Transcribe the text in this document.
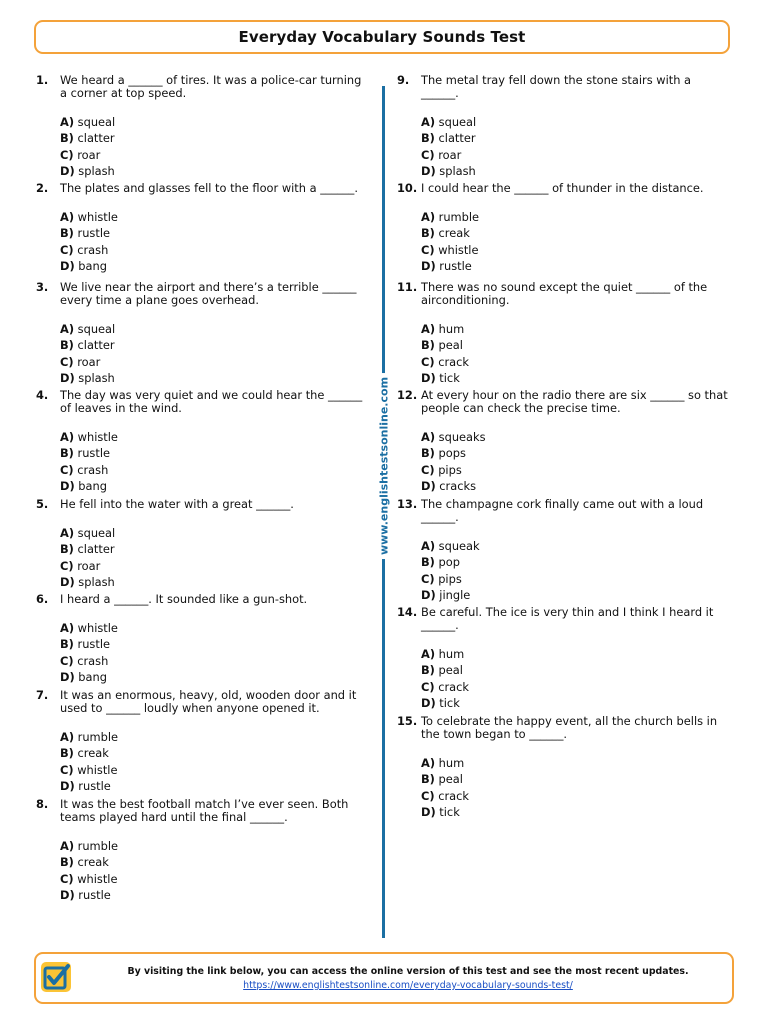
Everyday Vocabulary Sounds Test
1.	We heard a ______ of tires. It was a police-car turning
a corner at top speed.
A) squeal
B) clatter
C) roar
D) splash
2.	The plates and glasses fell to the floor with a ______.
A) whistle
B) rustle
C) crash
D) bang
3.	We live near the airport and there’s a terrible ______
every time a plane goes overhead.
A) squeal
B) clatter
C) roar
D) splash
4.	The day was very quiet and we could hear the ______
of leaves in the wind.
A) whistle
B) rustle
C) crash
D) bang
5.	He fell into the water with a great ______.
A) squeal
B) clatter
C) roar
D) splash
6.	I heard a ______. It sounded like a gun-shot.
A) whistle
B) rustle
C) crash
D) bang
7.	It was an enormous, heavy, old, wooden door and it
used to ______ loudly when anyone opened it.
A) rumble
B) creak
C) whistle
D) rustle
8.	It was the best football match I’ve ever seen. Both
teams played hard until the final ______.
A) rumble
B) creak
C) whistle
D) rustle
9.	The metal tray fell down the stone stairs with a
______.
A) squeal
B) clatter
C) roar
D) splash
10. I could hear the ______ of thunder in the distance.
A) rumble
B) creak
C) whistle
D) rustle
11. There was no sound except the quiet ______ of the
airconditioning.
A) hum
B) peal
C) crack
D) tick
12. At every hour on the radio there are six ______ so that
people can check the precise time.
A) squeaks
B) pops
C) pips
D) cracks
13. The champagne cork finally came out with a loud
______.
A) squeak
B) pop
C) pips
D) jingle
14. Be careful. The ice is very thin and I think I heard it
______.
A) hum
B) peal
C) crack
D) tick
15. To celebrate the happy event, all the church bells in
the town began to ______.
A) hum
B) peal
C) crack
D) tick
www.englishtestsonline.com
By visiting the link below, you can access the online version of this test and see the most recent updates.
https://www.englishtestsonline.com/everyday-vocabulary-sounds-test/
